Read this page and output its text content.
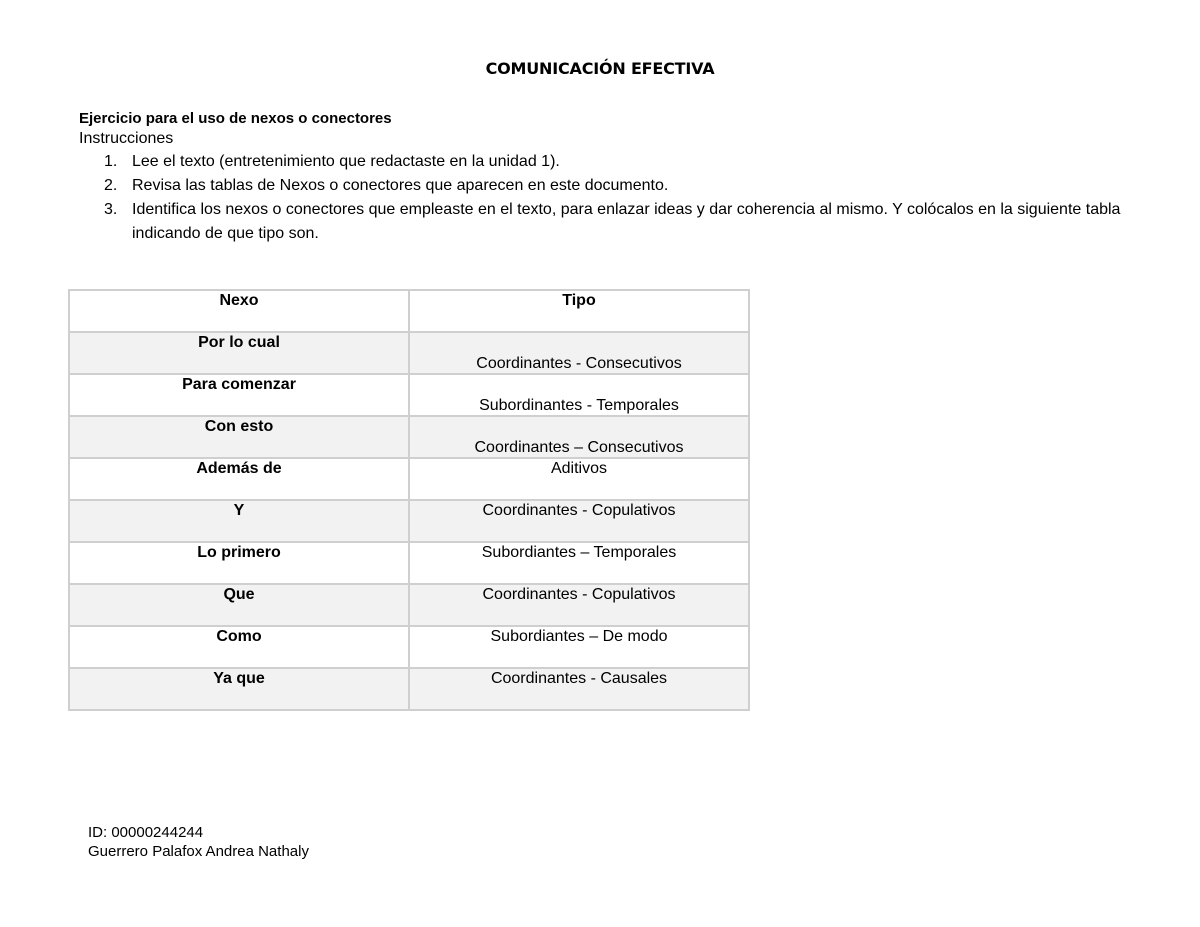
COMUNICACIÓN EFECTIVA
Ejercicio para el uso de nexos o conectores
Instrucciones
1. Lee el texto (entretenimiento que redactaste en la unidad 1).
2. Revisa las tablas de Nexos o conectores que aparecen en este documento.
3. Identifica los nexos o conectores que empleaste en el texto, para enlazar ideas y dar coherencia al mismo. Y colócalos en la siguiente tabla indicando de que tipo son.
Nexo	Tipo
Por lo cual	Coordinantes - Consecutivos
Para comenzar	Subordinantes - Temporales
Con esto	Coordinantes – Consecutivos
Además de	Aditivos
Y	Coordinantes - Copulativos
Lo primero	Subordiantes – Temporales
Que	Coordinantes - Copulativos
Como	Subordiantes – De modo
Ya que	Coordinantes - Causales
ID: 00000244244
Guerrero Palafox Andrea Nathaly
